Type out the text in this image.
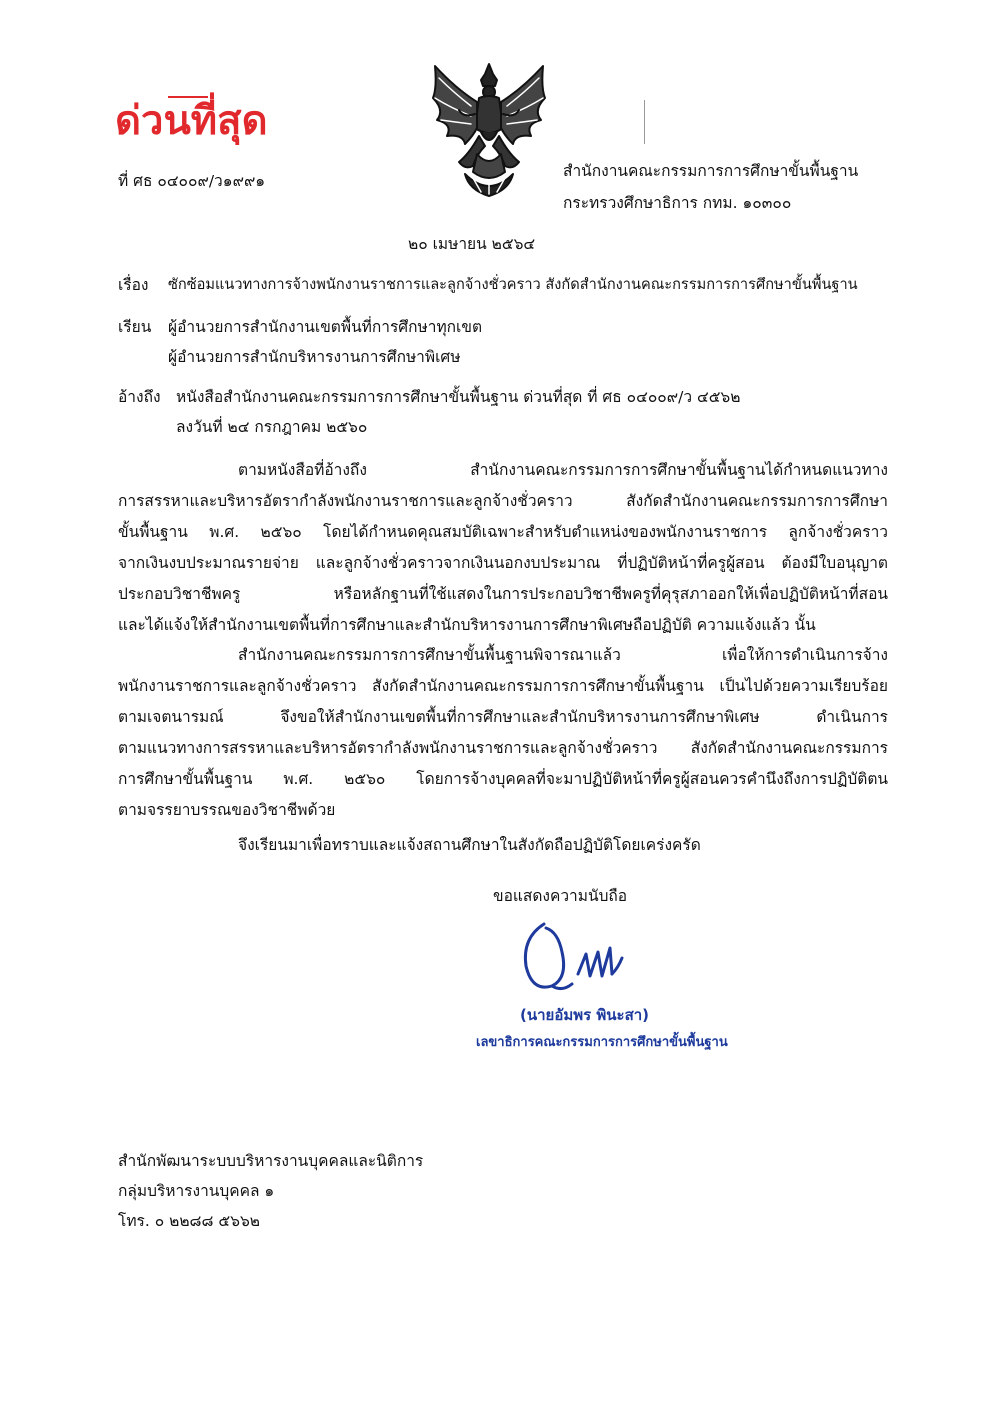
ด่วนที่สุด
ที่ ศธ ๐๔๐๐๙/ว๑๙๙๑
สำนักงานคณะกรรมการการศึกษาขั้นพื้นฐาน
กระทรวงศึกษาธิการ กทม. ๑๐๓๐๐
๒๐ เมษายน ๒๕๖๔
เรื่อง ซักซ้อมแนวทางการจ้างพนักงานราชการและลูกจ้างชั่วคราว สังกัดสำนักงานคณะกรรมการการศึกษาขั้นพื้นฐาน
เรียน ผู้อำนวยการสำนักงานเขตพื้นที่การศึกษาทุกเขต
ผู้อำนวยการสำนักบริหารงานการศึกษาพิเศษ
อ้างถึง หนังสือสำนักงานคณะกรรมการการศึกษาขั้นพื้นฐาน ด่วนที่สุด ที่ ศธ ๐๔๐๐๙/ว ๔๕๖๒
ลงวันที่ ๒๔ กรกฎาคม ๒๕๖๐
ตามหนังสือที่อ้างถึง สำนักงานคณะกรรมการการศึกษาขั้นพื้นฐานได้กำหนดแนวทาง
การสรรหาและบริหารอัตรากำลังพนักงานราชการและลูกจ้างชั่วคราว สังกัดสำนักงานคณะกรรมการการศึกษา
ขั้นพื้นฐาน พ.ศ. ๒๕๖๐ โดยได้กำหนดคุณสมบัติเฉพาะสำหรับตำแหน่งของพนักงานราชการ ลูกจ้างชั่วคราว
จากเงินงบประมาณรายจ่าย และลูกจ้างชั่วคราวจากเงินนอกงบประมาณ ที่ปฏิบัติหน้าที่ครูผู้สอน ต้องมีใบอนุญาต
ประกอบวิชาชีพครู หรือหลักฐานที่ใช้แสดงในการประกอบวิชาชีพครูที่คุรุสภาออกให้เพื่อปฏิบัติหน้าที่สอน
และได้แจ้งให้สำนักงานเขตพื้นที่การศึกษาและสำนักบริหารงานการศึกษาพิเศษถือปฏิบัติ ความแจ้งแล้ว นั้น
สำนักงานคณะกรรมการการศึกษาขั้นพื้นฐานพิจารณาแล้ว เพื่อให้การดำเนินการจ้าง
พนักงานราชการและลูกจ้างชั่วคราว สังกัดสำนักงานคณะกรรมการการศึกษาขั้นพื้นฐาน เป็นไปด้วยความเรียบร้อย
ตามเจตนารมณ์ จึงขอให้สำนักงานเขตพื้นที่การศึกษาและสำนักบริหารงานการศึกษาพิเศษ ดำเนินการ
ตามแนวทางการสรรหาและบริหารอัตรากำลังพนักงานราชการและลูกจ้างชั่วคราว สังกัดสำนักงานคณะกรรมการ
การศึกษาขั้นพื้นฐาน พ.ศ. ๒๕๖๐ โดยการจ้างบุคคลที่จะมาปฏิบัติหน้าที่ครูผู้สอนควรคำนึงถึงการปฏิบัติตน
ตามจรรยาบรรณของวิชาชีพด้วย
จึงเรียนมาเพื่อทราบและแจ้งสถานศึกษาในสังกัดถือปฏิบัติโดยเคร่งครัด
ขอแสดงความนับถือ
(นายอัมพร พินะสา)
เลขาธิการคณะกรรมการการศึกษาขั้นพื้นฐาน
สำนักพัฒนาระบบบริหารงานบุคคลและนิติการ
กลุ่มบริหารงานบุคคล ๑
โทร. ๐ ๒๒๘๘ ๕๖๖๒
